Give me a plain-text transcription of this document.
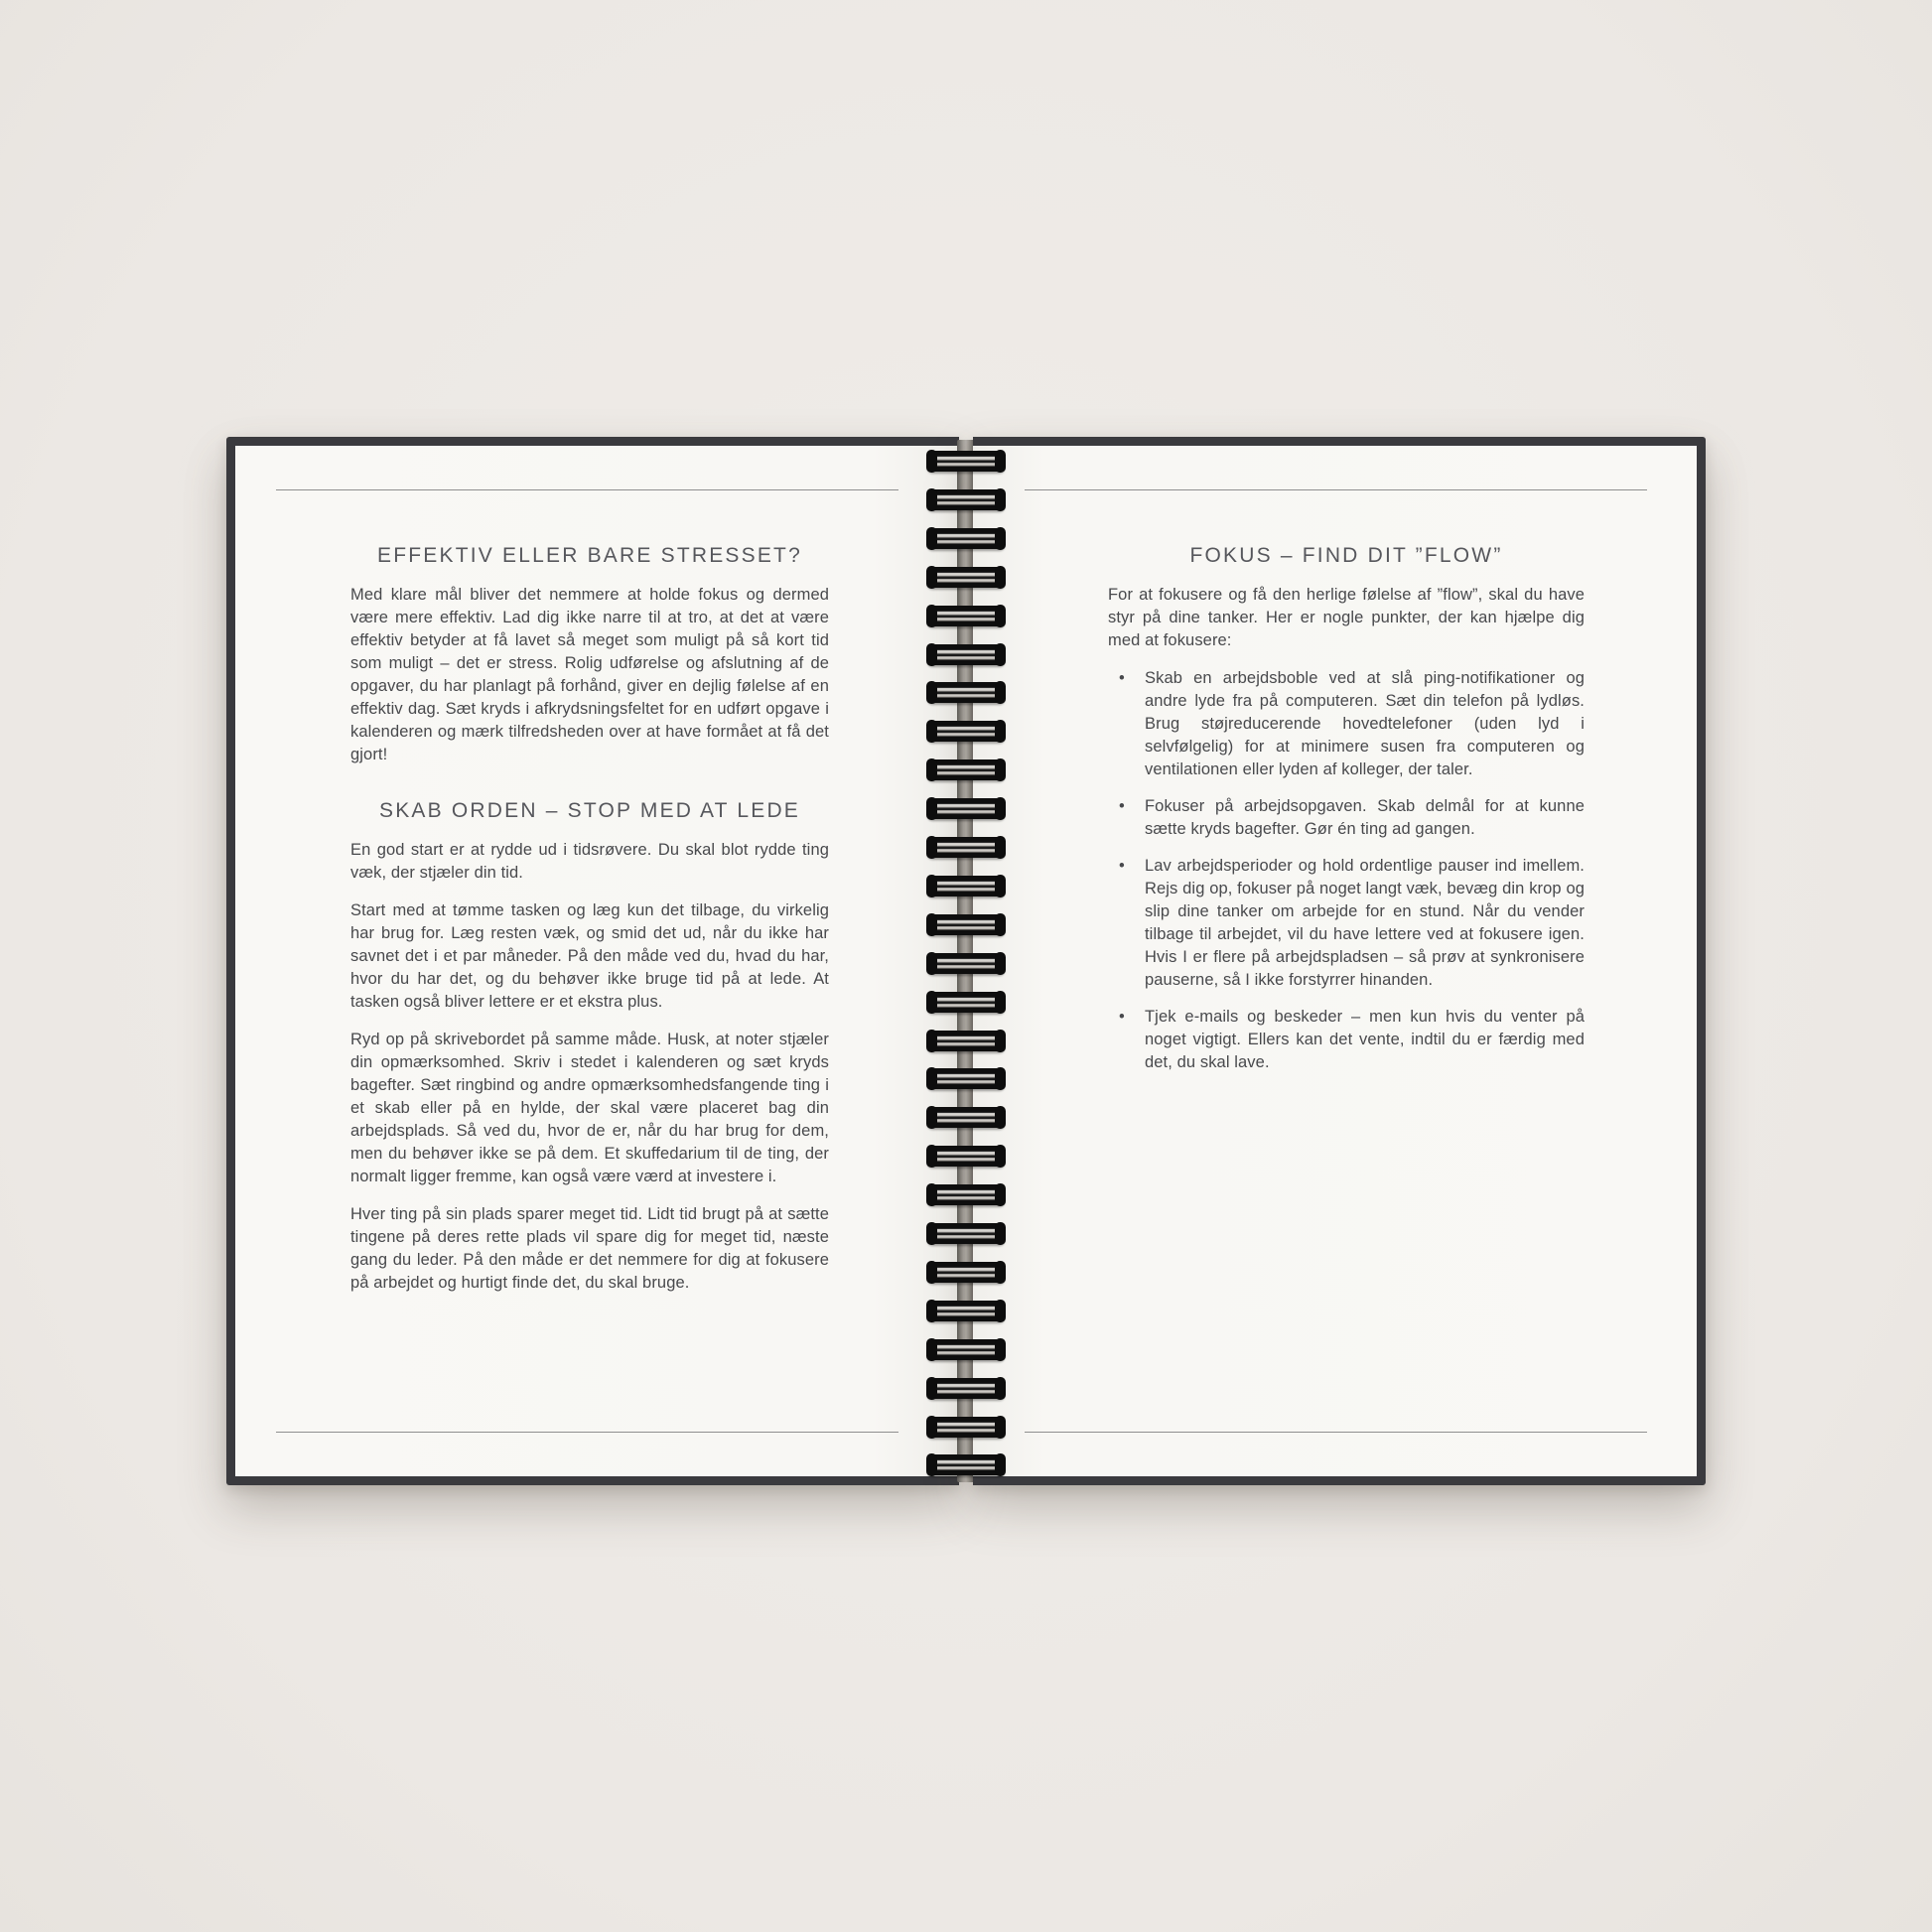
EFFEKTIV ELLER BARE STRESSET?

Med klare mål bliver det nemmere at holde fokus og dermed være mere effektiv. Lad dig ikke narre til at tro, at det at være effektiv betyder at få lavet så meget som muligt på så kort tid som muligt – det er stress. Rolig udførelse og afslutning af de opgaver, du har planlagt på forhånd, giver en dejlig følelse af en effektiv dag. Sæt kryds i afkrydsningsfeltet for en udført opgave i kalenderen og mærk tilfredsheden over at have formået at få det gjort!

SKAB ORDEN – STOP MED AT LEDE

En god start er at rydde ud i tidsrøvere. Du skal blot rydde ting væk, der stjæler din tid.

Start med at tømme tasken og læg kun det tilbage, du virkelig har brug for. Læg resten væk, og smid det ud, når du ikke har savnet det i et par måneder. På den måde ved du, hvad du har, hvor du har det, og du behøver ikke bruge tid på at lede. At tasken også bliver lettere er et ekstra plus.

Ryd op på skrivebordet på samme måde. Husk, at noter stjæler din opmærksomhed. Skriv i stedet i kalenderen og sæt kryds bagefter. Sæt ringbind og andre opmærksomhedsfangende ting i et skab eller på en hylde, der skal være placeret bag din arbejdsplads. Så ved du, hvor de er, når du har brug for dem, men du behøver ikke se på dem. Et skuffedarium til de ting, der normalt ligger fremme, kan også være værd at investere i.

Hver ting på sin plads sparer meget tid. Lidt tid brugt på at sætte tingene på deres rette plads vil spare dig for meget tid, næste gang du leder. På den måde er det nemmere for dig at fokusere på arbejdet og hurtigt finde det, du skal bruge.

FOKUS – FIND DIT ”FLOW”

For at fokusere og få den herlige følelse af ”flow”, skal du have styr på dine tanker. Her er nogle punkter, der kan hjælpe dig med at fokusere:

• Skab en arbejdsboble ved at slå ping-notifikationer og andre lyde fra på computeren. Sæt din telefon på lydløs. Brug støjreducerende hovedtelefoner (uden lyd i selvfølgelig) for at minimere susen fra computeren og ventilationen eller lyden af kolleger, der taler.
• Fokuser på arbejdsopgaven. Skab delmål for at kunne sætte kryds bagefter. Gør én ting ad gangen.
• Lav arbejdsperioder og hold ordentlige pauser ind imellem. Rejs dig op, fokuser på noget langt væk, bevæg din krop og slip dine tanker om arbejde for en stund. Når du vender tilbage til arbejdet, vil du have lettere ved at fokusere igen. Hvis I er flere på arbejdspladsen – så prøv at synkronisere pauserne, så I ikke forstyrrer hinanden.
• Tjek e-mails og beskeder – men kun hvis du venter på noget vigtigt. Ellers kan det vente, indtil du er færdig med det, du skal lave.
